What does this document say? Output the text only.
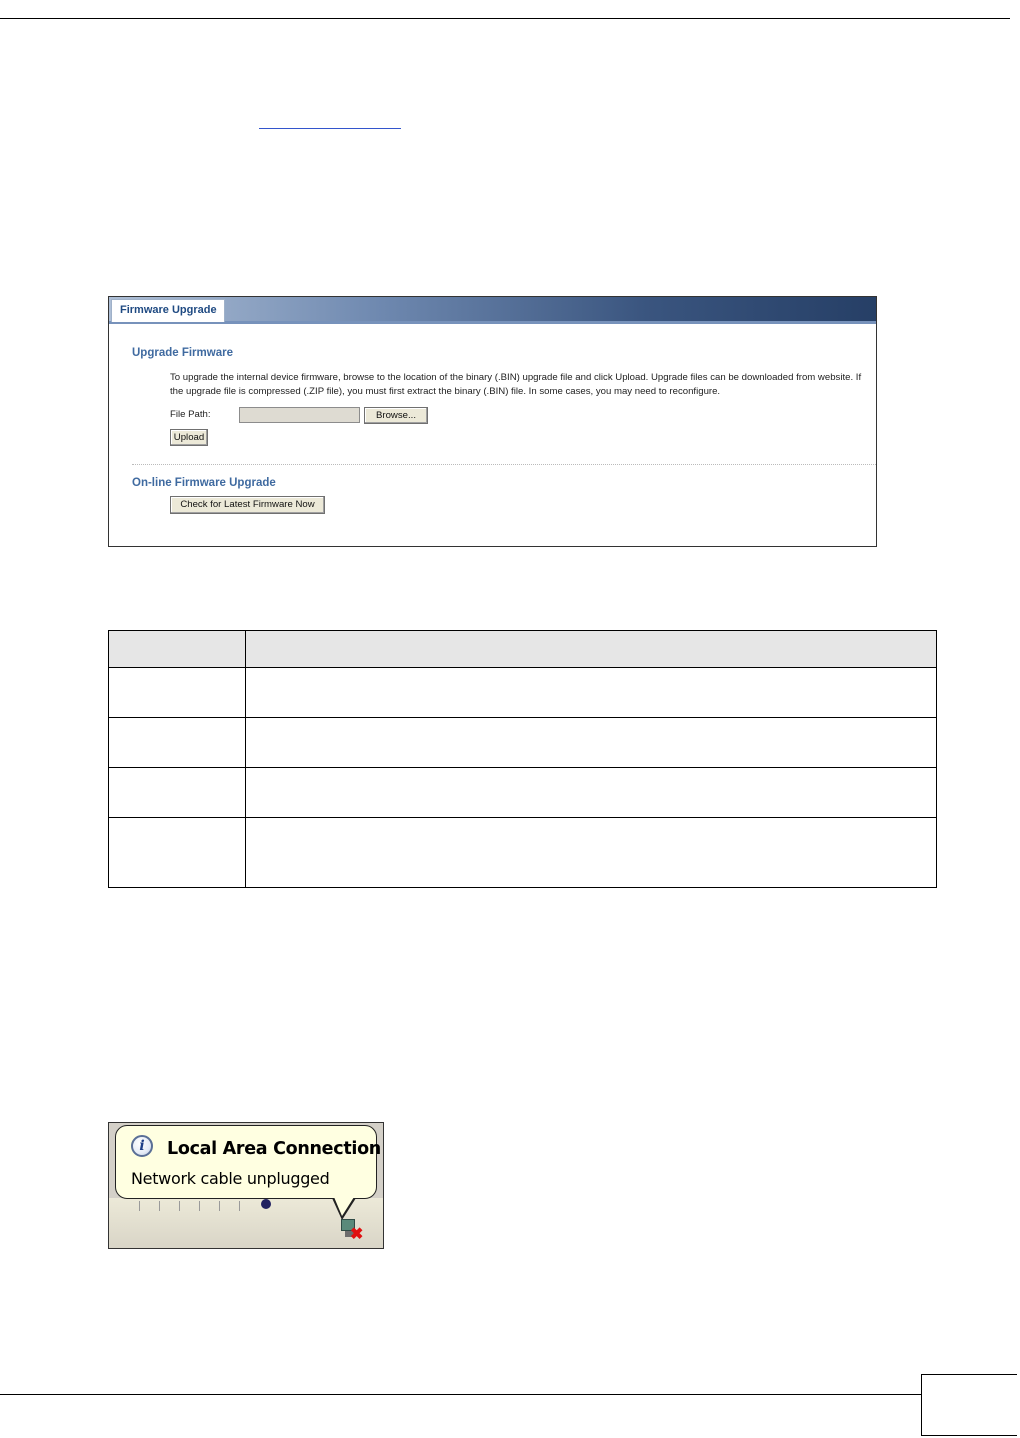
Firmware Upgrade
Upgrade Firmware
To upgrade the internal device firmware, browse to the location of the binary (.BIN) upgrade file and click Upload. Upgrade files can be downloaded from website. If the upgrade file is compressed (.ZIP file), you must first extract the binary (.BIN) file. In some cases, you may need to reconfigure.
File Path:	Browse...
Upload
On-line Firmware Upgrade
Check for Latest Firmware Now

i	Local Area Connection
Network cable unplugged
✖
